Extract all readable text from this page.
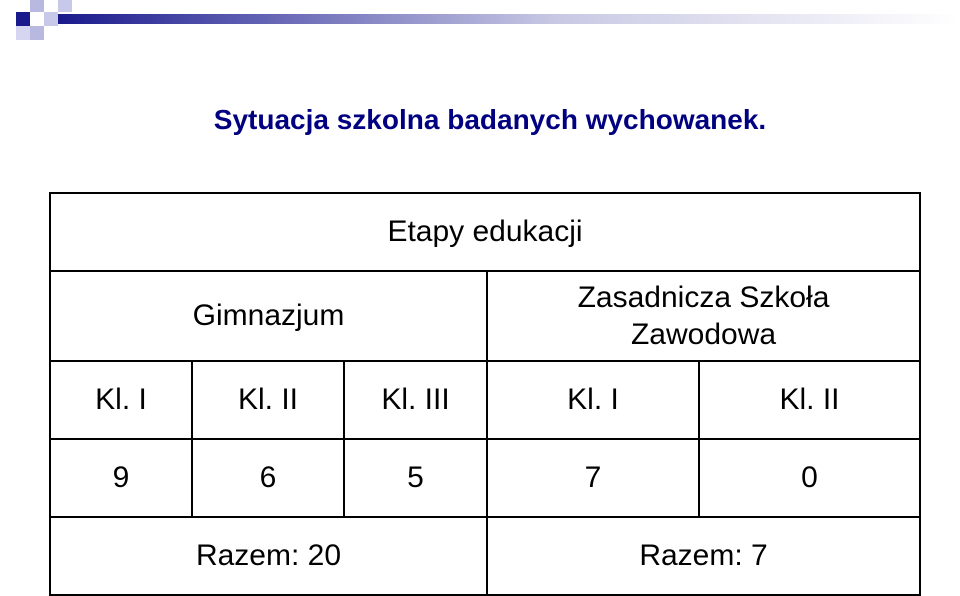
Sytuacja szkolna badanych wychowanek.
Etapy edukacji				
Gimnazjum			Zasadnicza Szkoła
Zawodowa	
Kl. I	Kl. II	Kl. III	Kl. I	Kl. II
9	6	5	7	0
Razem: 20			Razem: 7	
